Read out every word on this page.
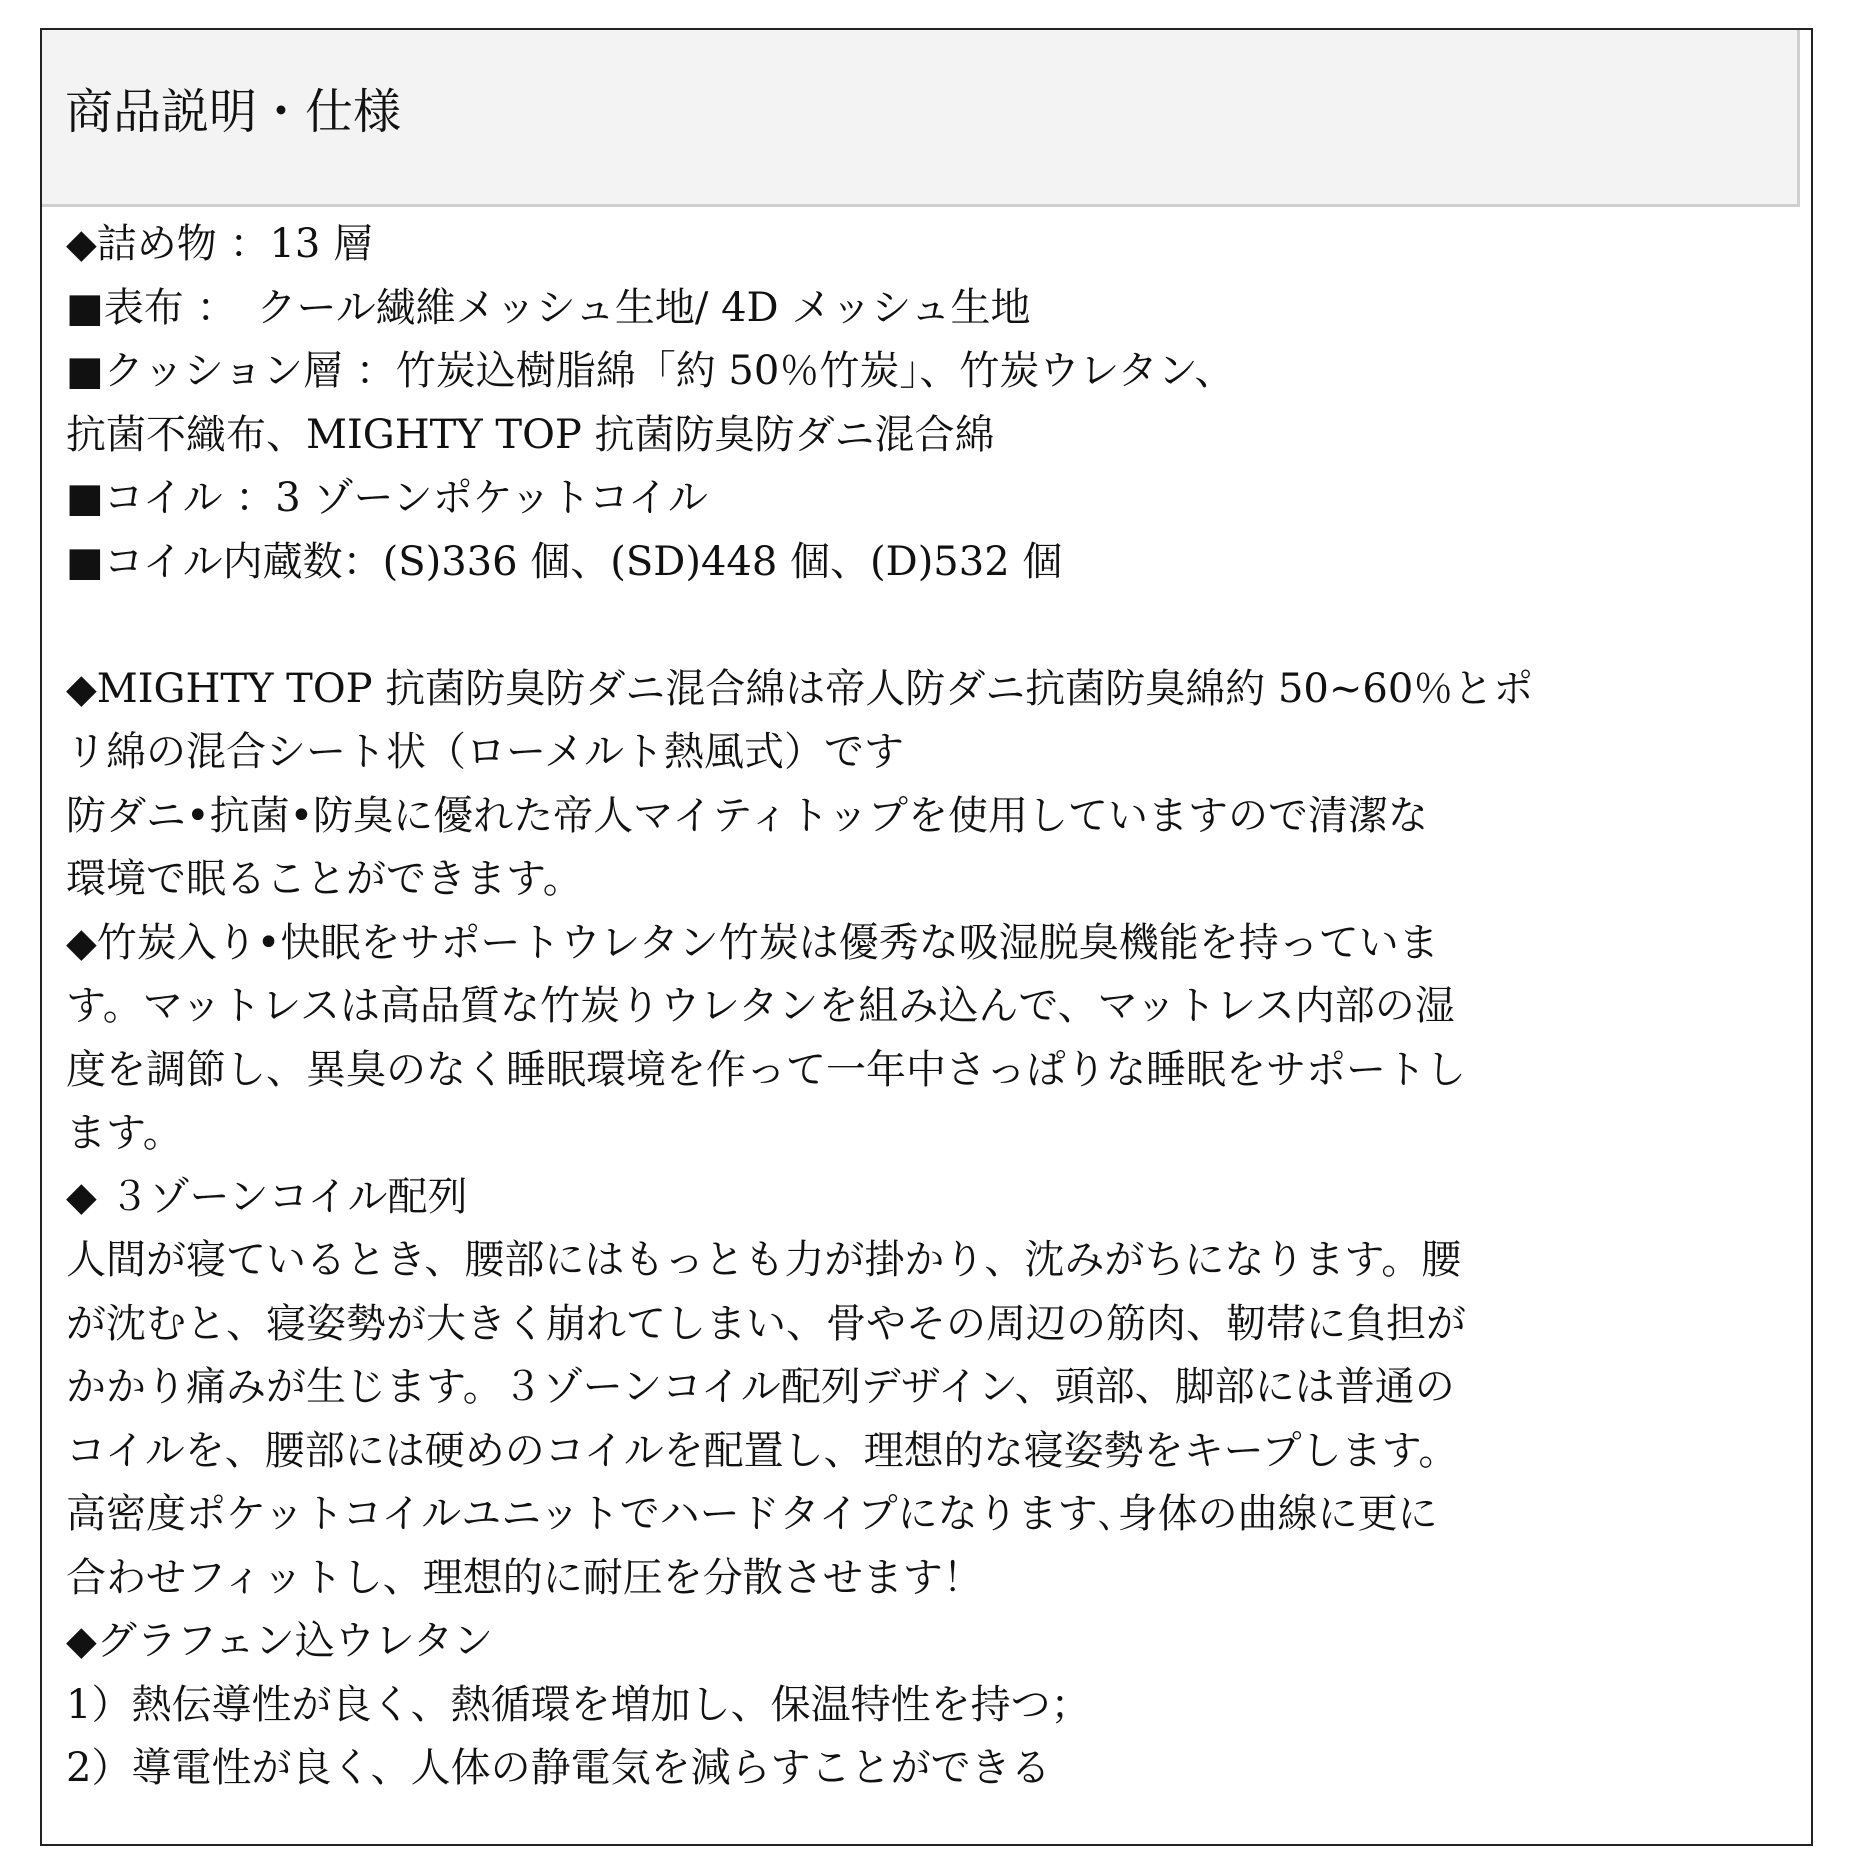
商品説明・仕様

◆詰め物 ：13 層

■表布 ：　クール繊維メッシュ生地/ 4D メッシュ生地

■クッション層 ：竹炭込樹脂綿「約 50％竹炭」、竹炭ウレタン、

抗菌不織布、MIGHTY TOP 抗菌防臭防ダニ混合綿

■コイル ：3 ゾーンポケットコイル

■コイル内蔵数：(S)336 個、(SD)448 個、(D)532 個

◆MIGHTY TOP 抗菌防臭防ダニ混合綿は帝人防ダニ抗菌防臭綿約 50~60％とポ

リ綿の混合シート状（ローメルト熱風式）です

防ダニ•抗菌•防臭に優れた帝人マイティトップを使用していますので清潔な

環境で眠ることができます。

◆竹炭入り•快眠をサポートウレタン竹炭は優秀な吸湿脱臭機能を持っていま

す。マットレスは高品質な竹炭りウレタンを組み込んで、マットレス内部の湿

度を調節し、異臭のなく睡眠環境を作って一年中さっぱりな睡眠をサポートし

ます。

◆ ３ゾーンコイル配列

人間が寝ているとき、腰部にはもっとも力が掛かり、沈みがちになります。腰

が沈むと、寝姿勢が大きく崩れてしまい、骨やその周辺の筋肉、靭帯に負担が

かかり痛みが生じます。３ゾーンコイル配列デザイン、頭部、脚部には普通の

コイルを、腰部には硬めのコイルを配置し、理想的な寝姿勢をキープします。

高密度ポケットコイルユニットでハードタイプになります､身体の曲線に更に

合わせフィットし、理想的に耐圧を分散させます！

◆グラフェン込ウレタン

1）熱伝導性が良く、熱循環を増加し、保温特性を持つ；

2）導電性が良く、人体の静電気を減らすことができる
